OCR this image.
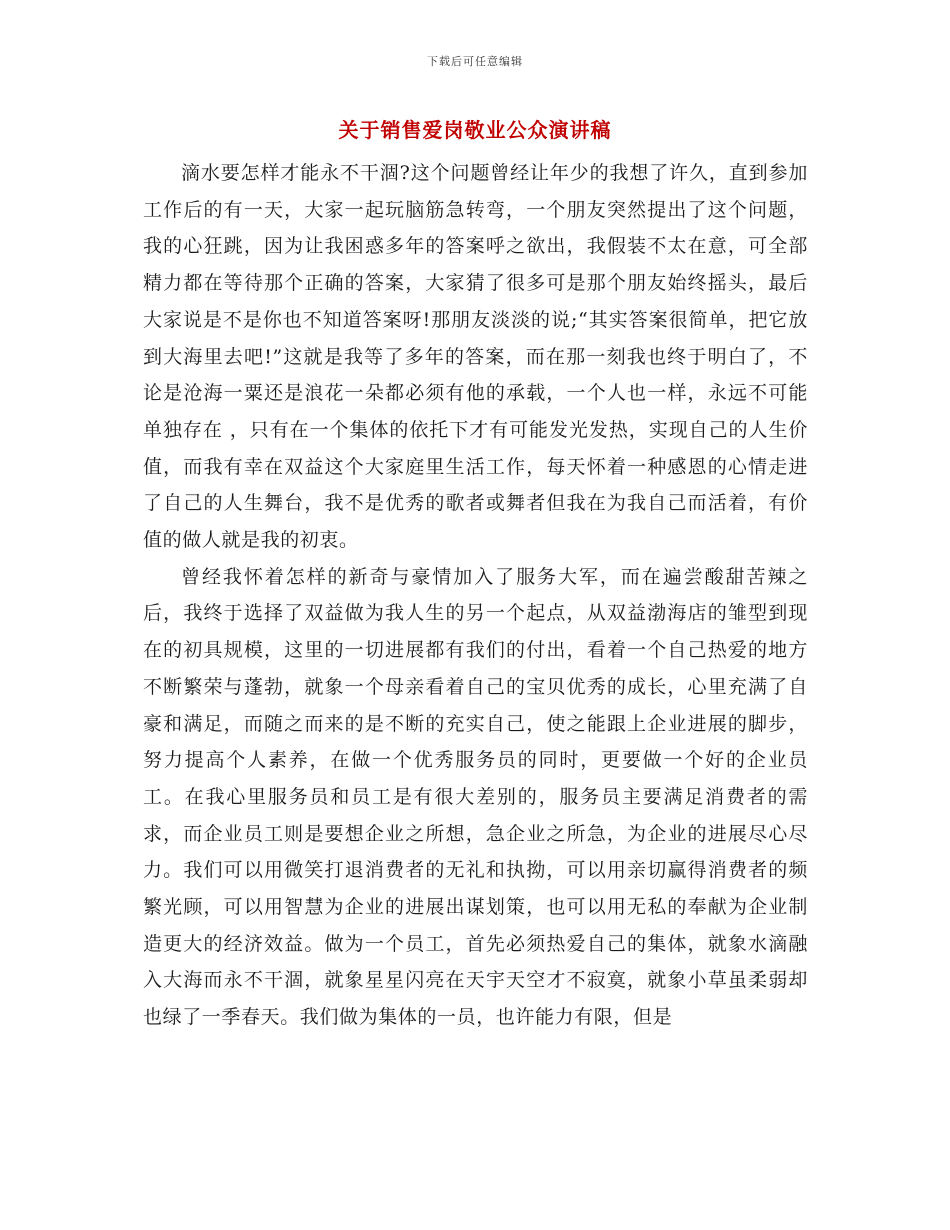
下载后可任意编辑
关于销售爱岗敬业公众演讲稿

滴水要怎样才能永不干涸?这个问题曾经让年少的我想了许久，直到参加工作后的有一天，大家一起玩脑筋急转弯，一个朋友突然提出了这个问题，我的心狂跳，因为让我困惑多年的答案呼之欲出，我假装不太在意，可全部精力都在等待那个正确的答案，大家猜了很多可是那个朋友始终摇头，最后大家说是不是你也不知道答案呀!那朋友淡淡的说;“其实答案很简单，把它放到大海里去吧!”这就是我等了多年的答案，而在那一刻我也终于明白了，不论是沧海一粟还是浪花一朵都必须有他的承载，一个人也一样，永远不可能单独存在 ，只有在一个集体的依托下才有可能发光发热，实现自己的人生价值，而我有幸在双益这个大家庭里生活工作，每天怀着一种感恩的心情走进了自己的人生舞台，我不是优秀的歌者或舞者但我在为我自己而活着，有价值的做人就是我的初衷。

曾经我怀着怎样的新奇与豪情加入了服务大军，而在遍尝酸甜苦辣之后，我终于选择了双益做为我人生的另一个起点，从双益渤海店的雏型到现在的初具规模，这里的一切进展都有我们的付出，看着一个自己热爱的地方不断繁荣与蓬勃，就象一个母亲看着自己的宝贝优秀的成长，心里充满了自豪和满足，而随之而来的是不断的充实自己，使之能跟上企业进展的脚步，努力提高个人素养，在做一个优秀服务员的同时，更要做一个好的企业员工。在我心里服务员和员工是有很大差别的，服务员主要满足消费者的需求，而企业员工则是要想企业之所想，急企业之所急，为企业的进展尽心尽力。我们可以用微笑打退消费者的无礼和执拗，可以用亲切赢得消费者的频繁光顾，可以用智慧为企业的进展出谋划策，也可以用无私的奉献为企业制造更大的经济效益。做为一个员工，首先必须热爱自己的集体，就象水滴融入大海而永不干涸，就象星星闪亮在天宇天空才不寂寞，就象小草虽柔弱却也绿了一季春天。我们做为集体的一员，也许能力有限，但是
